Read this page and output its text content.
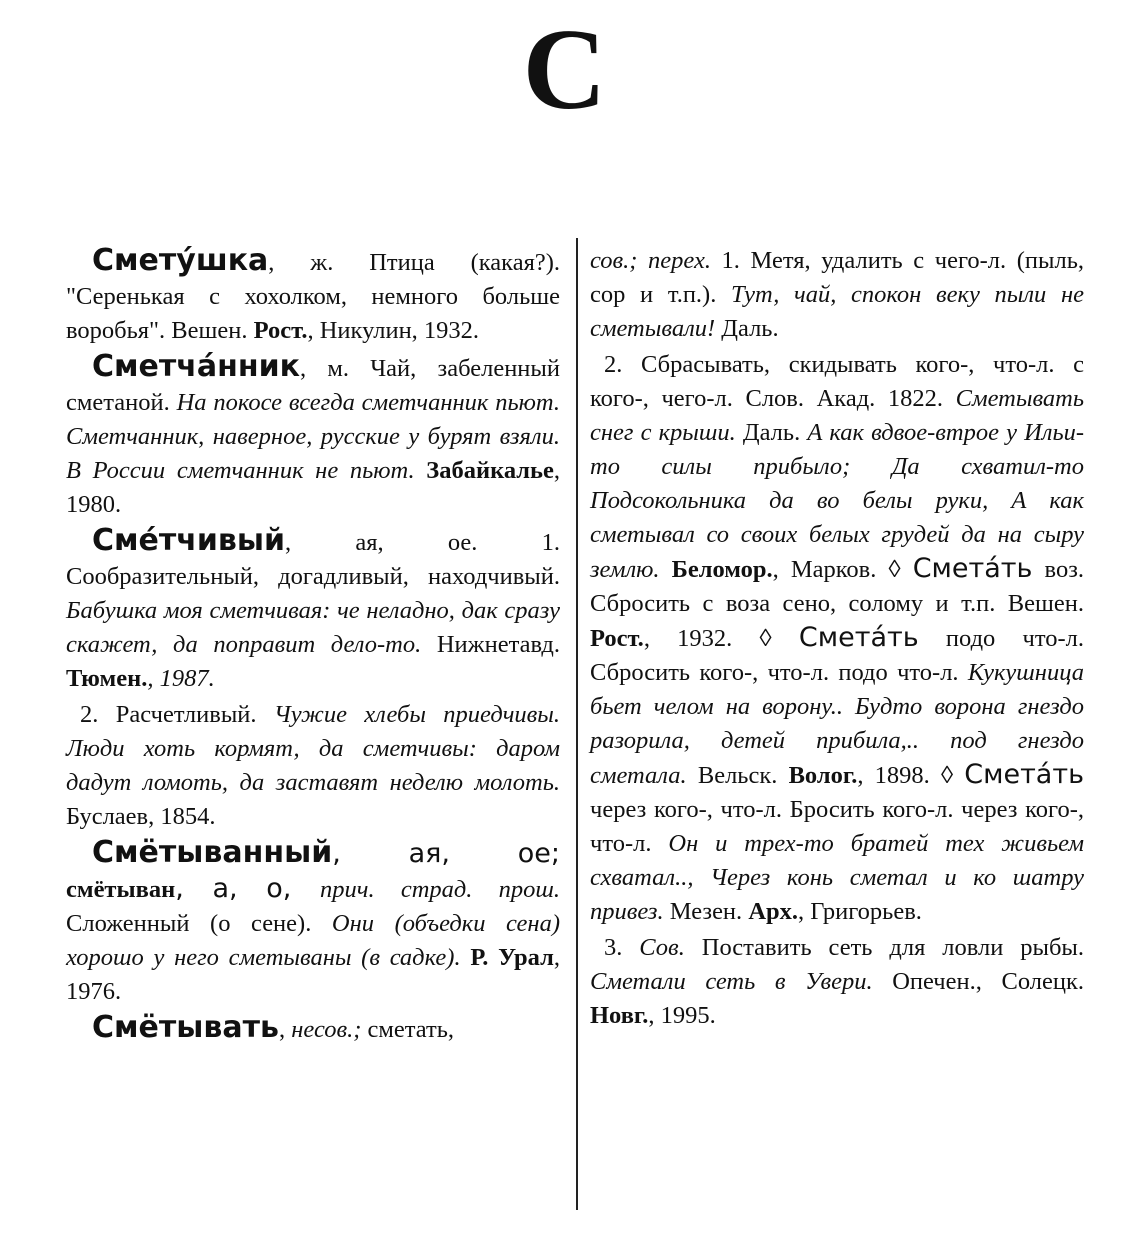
С

Смету́шка, ж. Птица (какая?). "Серенькая с хохолком, немного больше воробья". Вешен. Рост., Никулин, 1932.

Сметча́нник, м. Чай, забеленный сметаной. На покосе всегда сметчанник пьют. Сметчанник, наверное, русские у бурят взяли. В России сметчанник не пьют. Забайкалье, 1980.

Сме́тчивый, ая, ое. 1. Сообразительный, догадливый, находчивый. Бабушка моя сметчивая: че неладно, дак сразу скажет, да поправит дело-то. Нижнетавд. Тюмен., 1987.

2. Расчетливый. Чужие хлебы приедчивы. Люди хоть кормят, да сметчивы: даром дадут ломоть, да заставят неделю молоть. Буслаев, 1854.

Смётыванный, ая, ое; смётыван, а, о, прич. страд. прош. Сложенный (о сене). Они (объедки сена) хорошо у него сметываны (в садке). Р. Урал, 1976.

Смётывать, несов.; сметать,

сов.; перех. 1. Метя, удалить с чего-л. (пыль, сор и т.п.). Тут, чай, спокон веку пыли не сметывали! Даль.

2. Сбрасывать, скидывать кого-, что-л. с кого-, чего-л. Слов. Акад. 1822. Сметывать снег с крыши. Даль. А как вдвое-втрое у Ильи-то силы прибыло; Да схватил-то Подсокольника да во белы руки, А как сметывал со своих белых грудей да на сыру землю. Беломор., Марков. ◊ Смета́ть воз. Сбросить с воза сено, солому и т.п. Вешен. Рост., 1932. ◊ Смета́ть подо что-л. Сбросить кого-, что-л. подо что-л. Кукушница бьет челом на ворону.. Будто ворона гнездо разорила, детей прибила,.. под гнездо сметала. Вельск. Волог., 1898. ◊ Смета́ть через кого-, что-л. Бросить кого-л. через кого-, что-л. Он и трех-то братей тех живьем схватал.., Через конь сметал и ко шатру привез. Мезен. Арх., Григорьев.

3. Сов. Поставить сеть для ловли рыбы. Сметали сеть в Увери. Опечен., Солецк. Новг., 1995.
